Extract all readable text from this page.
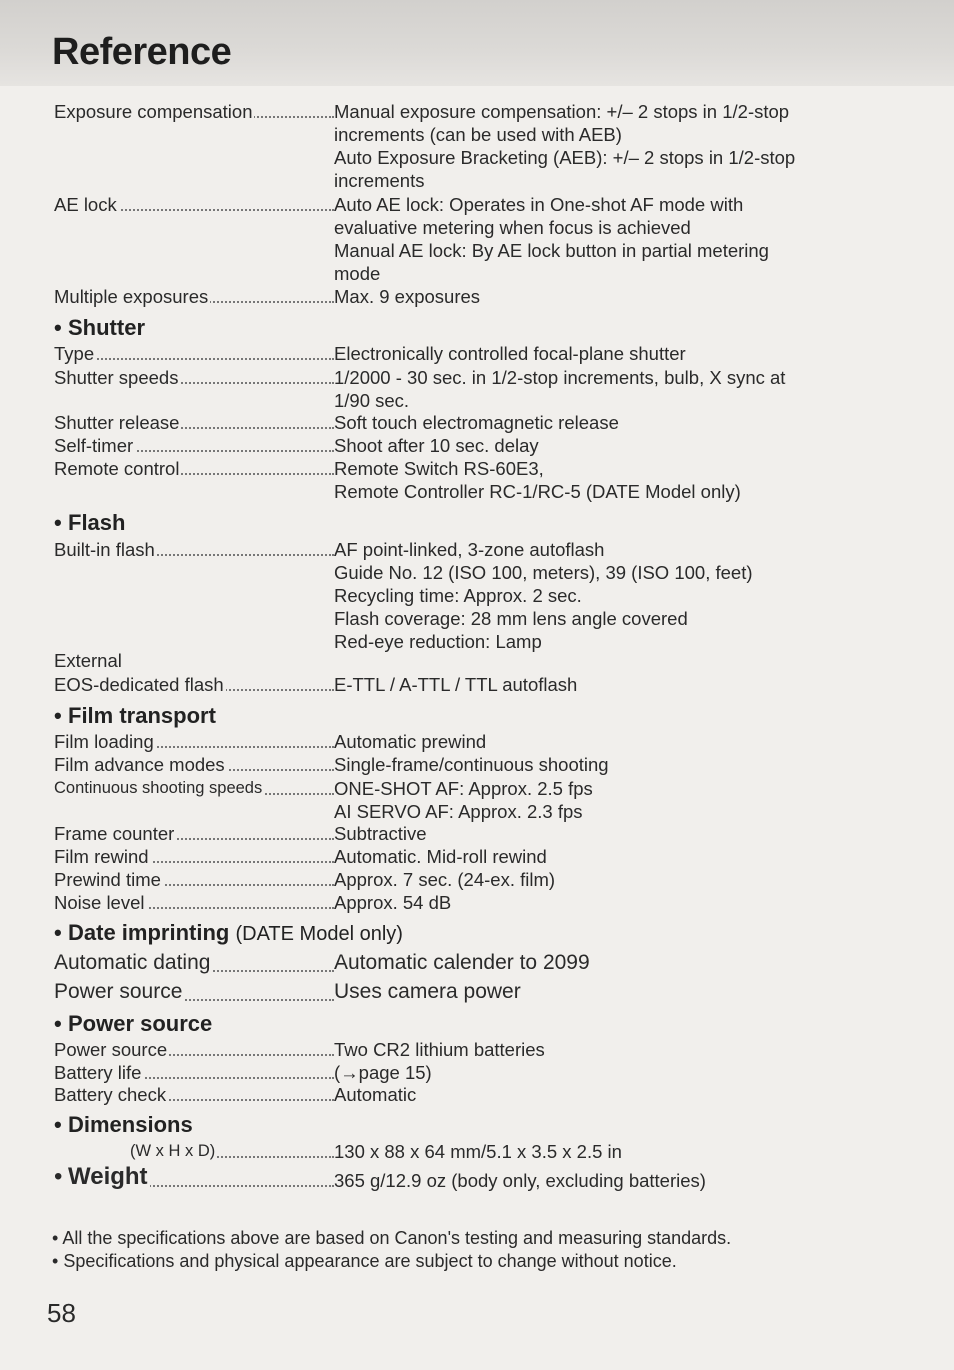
Reference
Exposure compensation	Manual exposure compensation: +/– 2 stops in 1/2-stop
increments (can be used with AEB)
Auto Exposure Bracketing (AEB): +/– 2 stops in 1/2-stop
increments
AE lock	Auto AE lock: Operates in One-shot AF mode with
evaluative metering when focus is achieved
Manual AE lock: By AE lock button in partial metering
mode
Multiple exposures	Max. 9 exposures
• Shutter
Type	Electronically controlled focal-plane shutter
Shutter speeds	1/2000 - 30 sec. in 1/2-stop increments, bulb, X sync at
1/90 sec.
Shutter release	Soft touch electromagnetic release
Self-timer	Shoot after 10 sec. delay
Remote control	Remote Switch RS-60E3,
Remote Controller RC-1/RC-5 (DATE Model only)
• Flash
Built-in flash	AF point-linked, 3-zone autoflash
Guide No. 12 (ISO 100, meters), 39 (ISO 100, feet)
Recycling time: Approx. 2 sec.
Flash coverage: 28 mm lens angle covered
Red-eye reduction: Lamp
External
EOS-dedicated flash	E-TTL / A-TTL / TTL autoflash
• Film transport
Film loading	Automatic prewind
Film advance modes	Single-frame/continuous shooting
Continuous shooting speeds	ONE-SHOT AF: Approx. 2.5 fps
AI SERVO AF: Approx. 2.3 fps
Frame counter	Subtractive
Film rewind	Automatic. Mid-roll rewind
Prewind time	Approx. 7 sec. (24-ex. film)
Noise level	Approx. 54 dB
• Date imprinting (DATE Model only)
Automatic dating	Automatic calender to 2099
Power source	Uses camera power
• Power source
Power source	Two CR2 lithium batteries
Battery life	(→page 15)
Battery check	Automatic
• Dimensions
(W x H x D)	130 x 88 x 64 mm/5.1 x 3.5 x 2.5 in
• Weight	365 g/12.9 oz (body only, excluding batteries)
• All the specifications above are based on Canon's testing and measuring standards.
• Specifications and physical appearance are subject to change without notice.

58
